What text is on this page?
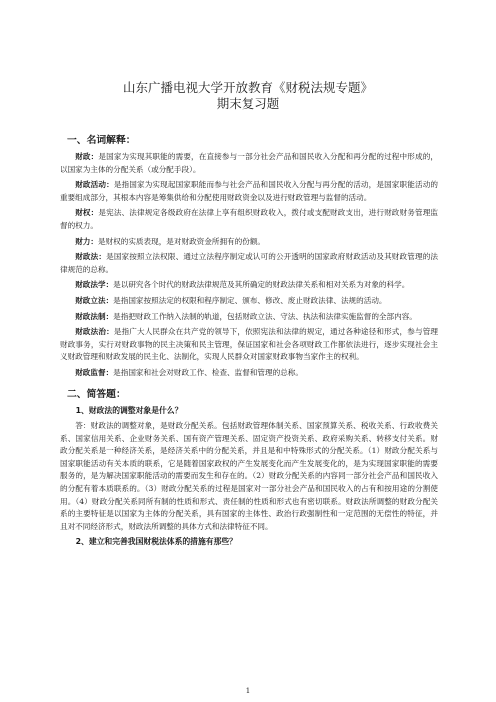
山东广播电视大学开放教育《财税法规专题》
期末复习题
一、名词解释：

财政：是国家为实现其职能的需要，在直接参与一部分社会产品和国民收入分配和再分配的过程中形成的，以国家为主体的分配关系（或分配手段）。

财政活动：是指国家为实现起国家职能而参与社会产品和国民收入分配与再分配的活动，是国家职能活动的重要组成部分，其根本内容是筹集供给和分配使用财政资金以及进行财政管理与监督的活动。

财权：是宪法、法律规定各级政府在法律上享有组织财政收入，拨付或支配财政支出，进行财政财务管理监督的权力。

财力：是财权的实质表现，是对财政资金所拥有的份额。

财政法：是国家按照立法权限、通过立法程序制定或认可的公开透明的国家政府财政活动及其财政管理的法律规范的总称。

财政法学：是以研究各个时代的财政法律规范及其所确定的财政法律关系和相对关系为对象的科学。

财政立法：是指国家按照法定的权限和程序制定、颁布、修改、废止财政法律、法规的活动。

财政法制：是指把财政工作纳入法制的轨道，包括财政立法、守法、执法和法律实施监督的全部内容。

财政法治：是指广大人民群众在共产党的领导下，依照宪法和法律的规定，通过各种途径和形式，参与管理财政事务，实行对财政事物的民主决策和民主管理，保证国家和社会各项财政工作都依法进行，逐步实现社会主义财政管理和财政发展的民主化、法制化，实现人民群众对国家财政事物当家作主的权利。

财政监督：是指国家和社会对财政工作、检查、监督和管理的总称。

二、简答题：
1、财政法的调整对象是什么？

答：财政法的调整对象，是财政分配关系。包括财政管理体制关系、国家预算关系、税收关系、行政收费关系、国家信用关系、企业财务关系、国有资产管理关系、固定资产投资关系、政府采购关系、转移支付关系。财政分配关系是一种经济关系，是经济关系中的分配关系，并且是和中特殊形式的分配关系。（1）财政分配关系与国家职能活动有关本质的联系，它是随着国家政权的产生发展变化而产生发展变化的，是为实现国家职能的需要服务的，是为解决国家职能活动的需要而发生和存在的。（2）财政分配关系的内容同一部分社会产品和国民收入的分配有着本质联系的。（3）财政分配关系的过程是国家对一部分社会产品和国民收入的占有和按用途的分割使用。（4）财政分配关系同所有制的性质和形式、责任制的性质和形式也有密切联系。财政法所调整的财政分配关系的主要特征是以国家为主体的分配关系，具有国家的主体性、政治行政强制性和一定范围的无偿性的特征，并且对不同经济形式，财政法所调整的具体方式和法律特征不同。

2、建立和完善我国财税法体系的措施有那些？
1
